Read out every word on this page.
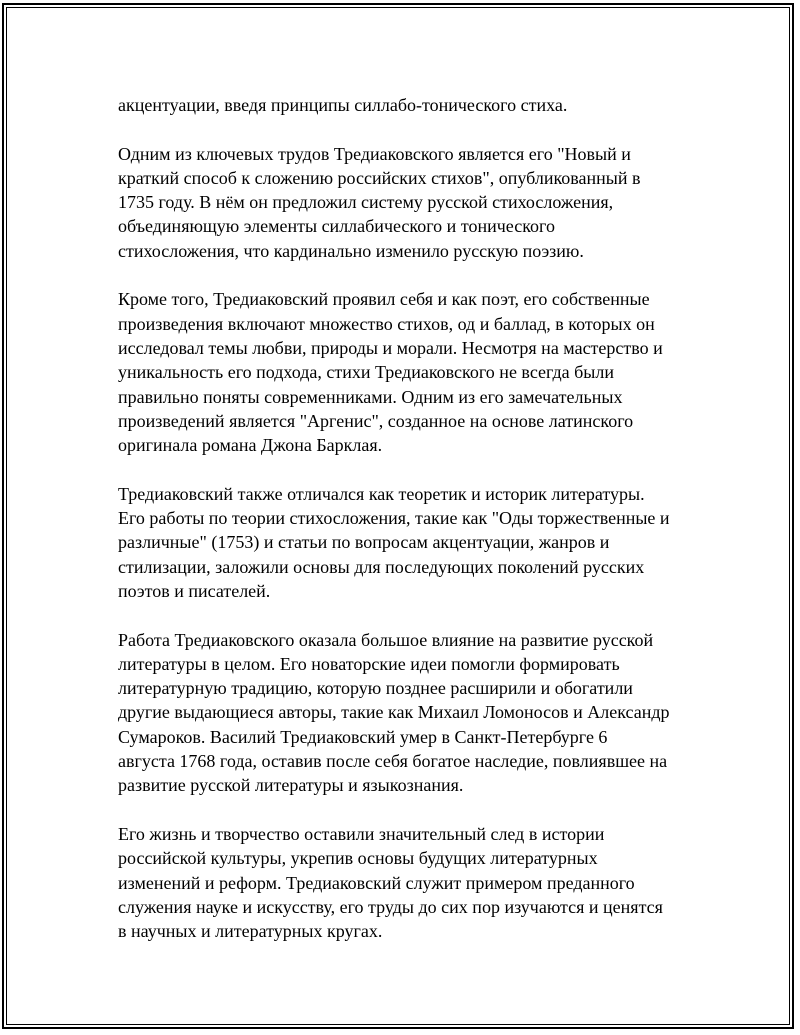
акцентуации, введя принципы силлабо-тонического стиха.

Одним из ключевых трудов Тредиаковского является его "Новый и
краткий способ к сложению российских стихов", опубликованный в
1735 году. В нём он предложил систему русской стихосложения,
объединяющую элементы силлабического и тонического
стихосложения, что кардинально изменило русскую поэзию.

Кроме того, Тредиаковский проявил себя и как поэт, его собственные
произведения включают множество стихов, од и баллад, в которых он
исследовал темы любви, природы и морали. Несмотря на мастерство и
уникальность его подхода, стихи Тредиаковского не всегда были
правильно поняты современниками. Одним из его замечательных
произведений является "Аргенис", созданное на основе латинского
оригинала романа Джона Барклая.

Тредиаковский также отличался как теоретик и историк литературы.
Его работы по теории стихосложения, такие как "Оды торжественные и
различные" (1753) и статьи по вопросам акцентуации, жанров и
стилизации, заложили основы для последующих поколений русских
поэтов и писателей.

Работа Тредиаковского оказала большое влияние на развитие русской
литературы в целом. Его новаторские идеи помогли формировать
литературную традицию, которую позднее расширили и обогатили
другие выдающиеся авторы, такие как Михаил Ломоносов и Александр
Сумароков. Василий Тредиаковский умер в Санкт-Петербурге 6
августа 1768 года, оставив после себя богатое наследие, повлиявшее на
развитие русской литературы и языкознания.

Его жизнь и творчество оставили значительный след в истории
российской культуры, укрепив основы будущих литературных
изменений и реформ. Тредиаковский служит примером преданного
служения науке и искусству, его труды до сих пор изучаются и ценятся
в научных и литературных кругах.
